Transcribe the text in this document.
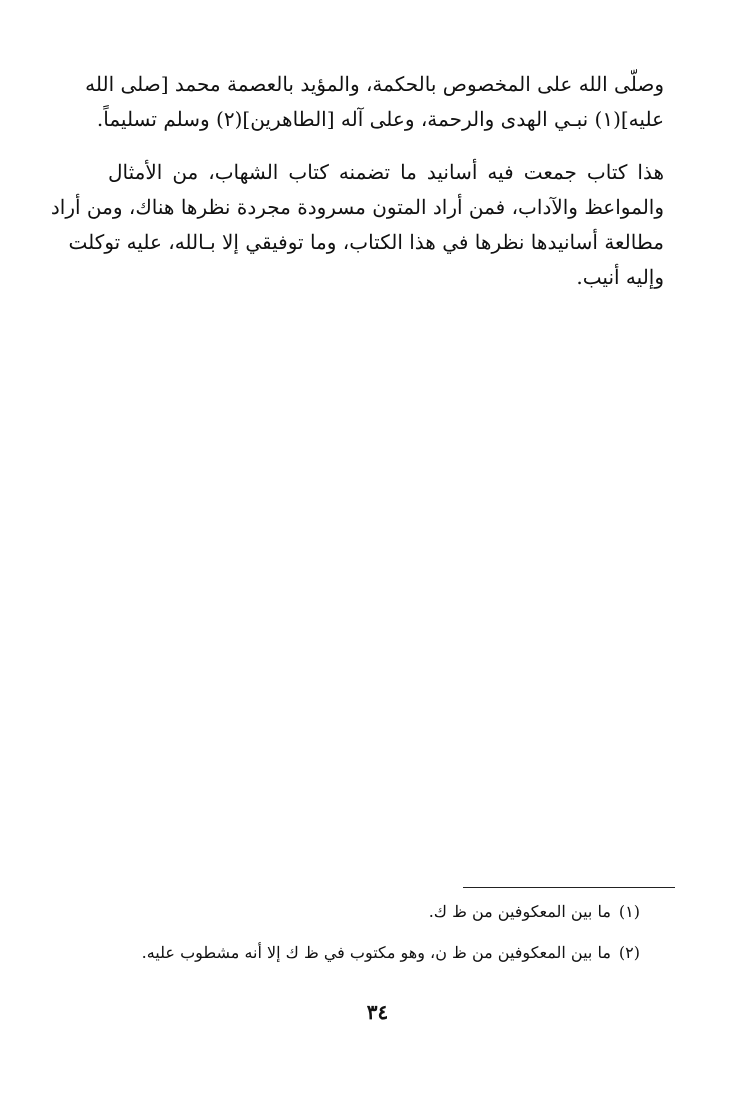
وصلّى الله على المخصوص بالحكمة، والمؤيد بالعصمة محمد [صلى الله
عليه](١) نبـي الهدى والرحمة، وعلى آله [الطاهرين](٢) وسلم تسليماً.
هذا كتاب جمعت فيه أسانيد ما تضمنه كتاب الشهاب، من الأمثال
والمواعظ والآداب، فمن أراد المتون مسرودة مجردة نظرها هناك، ومن أراد
مطالعة أسانيدها نظرها في هذا الكتاب، وما توفيقي إلا بـالله، عليه توكلت
وإليه أنيب.
(١)ما بين المعكوفين من ظ ك.
(٢)ما بين المعكوفين من ظ ن، وهو مكتوب في ظ ك إلا أنه مشطوب عليه.
٣٤
